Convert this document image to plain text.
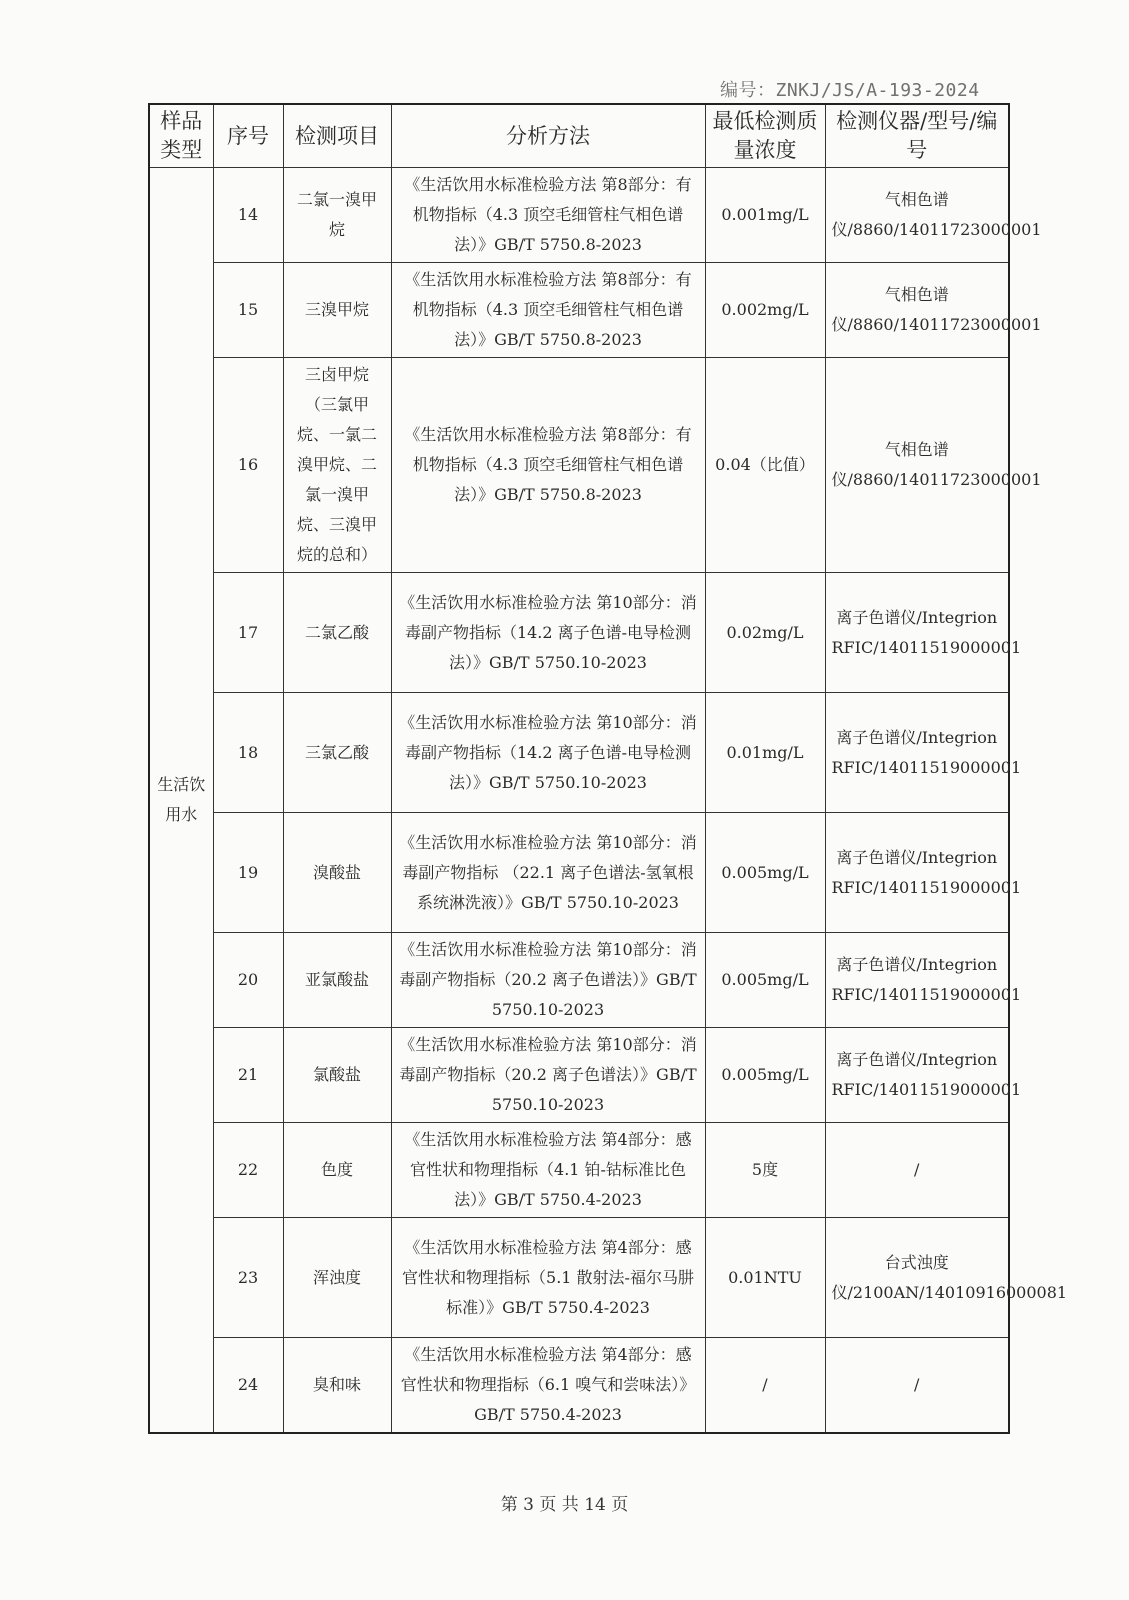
编号：ZNKJ/JS/A-193-2024
样品类型	序号	检测项目	分析方法	最低检测质量浓度	检测仪器/型号/编号
生活饮用水	14	二氯一溴甲烷	《生活饮用水标准检验方法 第8部分：有机物指标（4.3 顶空毛细管柱气相色谱法）》GB/T 5750.8-2023	0.001mg/L	气相色谱仪/8860/14011723000001
	15	三溴甲烷	《生活饮用水标准检验方法 第8部分：有机物指标（4.3 顶空毛细管柱气相色谱法）》GB/T 5750.8-2023	0.002mg/L	气相色谱仪/8860/14011723000001
	16	三卤甲烷（三氯甲烷、一氯二溴甲烷、二氯一溴甲烷、三溴甲烷的总和）	《生活饮用水标准检验方法 第8部分：有机物指标（4.3 顶空毛细管柱气相色谱法）》GB/T 5750.8-2023	0.04（比值）	气相色谱仪/8860/14011723000001
	17	二氯乙酸	《生活饮用水标准检验方法 第10部分：消毒副产物指标（14.2 离子色谱-电导检测法）》GB/T 5750.10-2023	0.02mg/L	离子色谱仪/Integrion RFIC/14011519000001
	18	三氯乙酸	《生活饮用水标准检验方法 第10部分：消毒副产物指标（14.2 离子色谱-电导检测法）》GB/T 5750.10-2023	0.01mg/L	离子色谱仪/Integrion RFIC/14011519000001
	19	溴酸盐	《生活饮用水标准检验方法 第10部分：消毒副产物指标 （22.1 离子色谱法-氢氧根系统淋洗液）》GB/T 5750.10-2023	0.005mg/L	离子色谱仪/Integrion RFIC/14011519000001
	20	亚氯酸盐	《生活饮用水标准检验方法 第10部分：消毒副产物指标（20.2 离子色谱法）》GB/T 5750.10-2023	0.005mg/L	离子色谱仪/Integrion RFIC/14011519000001
	21	氯酸盐	《生活饮用水标准检验方法 第10部分：消毒副产物指标（20.2 离子色谱法）》GB/T 5750.10-2023	0.005mg/L	离子色谱仪/Integrion RFIC/14011519000001
	22	色度	《生活饮用水标准检验方法 第4部分：感官性状和物理指标（4.1 铂-钴标准比色法）》GB/T 5750.4-2023	5度	/
	23	浑浊度	《生活饮用水标准检验方法 第4部分：感官性状和物理指标（5.1 散射法-福尔马肼标准）》GB/T 5750.4-2023	0.01NTU	台式浊度仪/2100AN/14010916000081
	24	臭和味	《生活饮用水标准检验方法 第4部分：感官性状和物理指标（6.1 嗅气和尝味法）》GB/T 5750.4-2023	/	/
第 3 页 共 14 页
